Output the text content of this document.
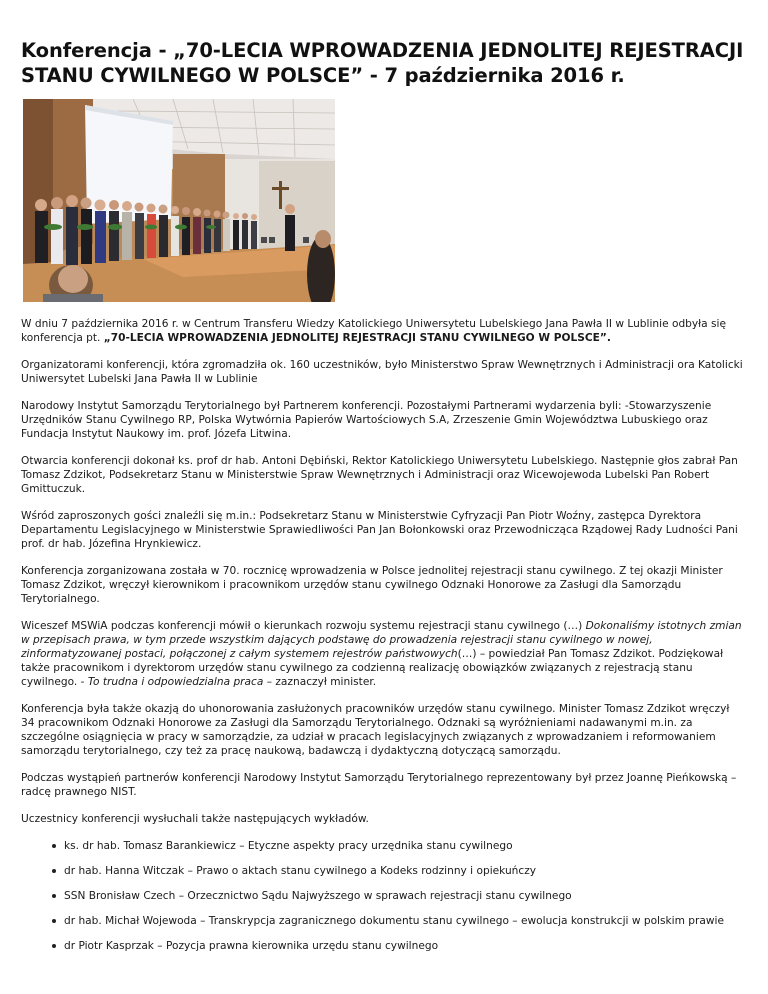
Konferencja - „70-LECIA WPROWADZENIA JEDNOLITEJ REJESTRACJI
STANU CYWILNEGO W POLSCE” - 7 października 2016 r.

W dniu 7 października 2016 r. w Centrum Transferu Wiedzy Katolickiego Uniwersytetu Lubelskiego Jana Pawła II w Lublinie odbyła się konferencja pt. „70-LECIA WPROWADZENIA JEDNOLITEJ REJESTRACJI STANU CYWILNEGO W POLSCE”.

Organizatorami konferencji, która zgromadziła ok. 160 uczestników, było Ministerstwo Spraw Wewnętrznych i Administracji ora Katolicki Uniwersytet Lubelski Jana Pawła II w Lublinie

Narodowy Instytut Samorządu Terytorialnego był Partnerem konferencji. Pozostałymi Partnerami wydarzenia byli: -Stowarzyszenie Urzędników Stanu Cywilnego RP, Polska Wytwórnia Papierów Wartościowych S.A, Zrzeszenie Gmin Województwa Lubuskiego oraz Fundacja Instytut Naukowy im. prof. Józefa Litwina.

Otwarcia konferencji dokonał ks. prof dr hab. Antoni Dębiński, Rektor Katolickiego Uniwersytetu Lubelskiego. Następnie głos zabrał Pan Tomasz Zdzikot, Podsekretarz Stanu w Ministerstwie Spraw Wewnętrznych i Administracji oraz Wicewojewoda Lubelski Pan Robert Gmittuczuk.

Wśród zaproszonych gości znaleźli się m.in.: Podsekretarz Stanu w Ministerstwie Cyfryzacji Pan Piotr Woźny, zastępca Dyrektora Departamentu Legislacyjnego w Ministerstwie Sprawiedliwości Pan Jan Bołonkowski oraz Przewodnicząca Rządowej Rady Ludności Pani prof. dr hab. Józefina Hrynkiewicz.

Konferencja zorganizowana została w 70. rocznicę wprowadzenia w Polsce jednolitej rejestracji stanu cywilnego. Z tej okazji Minister Tomasz Zdzikot, wręczył kierownikom i pracownikom urzędów stanu cywilnego Odznaki Honorowe za Zasługi dla Samorządu Terytorialnego.

Wiceszef MSWiA podczas konferencji mówił o kierunkach rozwoju systemu rejestracji stanu cywilnego (…) Dokonaliśmy istotnych zmian w przepisach prawa, w tym przede wszystkim dających podstawę do prowadzenia rejestracji stanu cywilnego w nowej, zinformatyzowanej postaci, połączonej z całym systemem rejestrów państwowych(…) – powiedział Pan Tomasz Zdzikot. Podziękował także pracownikom i dyrektorom urzędów stanu cywilnego za codzienną realizację obowiązków związanych z rejestracją stanu cywilnego. - To trudna i odpowiedzialna praca – zaznaczył minister.

Konferencja była także okazją do uhonorowania zasłużonych pracowników urzędów stanu cywilnego. Minister Tomasz Zdzikot wręczył 34 pracownikom Odznaki Honorowe za Zasługi dla Samorządu Terytorialnego. Odznaki są wyróżnieniami nadawanymi m.in. za szczególne osiągnięcia w pracy w samorządzie, za udział w pracach legislacyjnych związanych z wprowadzaniem i reformowaniem samorządu terytorialnego, czy też za pracę naukową, badawczą i dydaktyczną dotyczącą samorządu.

Podczas wystąpień partnerów konferencji Narodowy Instytut Samorządu Terytorialnego reprezentowany był przez Joannę Pieńkowską – radcę prawnego NIST.

Uczestnicy konferencji wysłuchali także następujących wykładów.

ks. dr hab. Tomasz Barankiewicz – Etyczne aspekty pracy urzędnika stanu cywilnego
dr hab. Hanna Witczak – Prawo o aktach stanu cywilnego a Kodeks rodzinny i opiekuńczy
SSN Bronisław Czech – Orzecznictwo Sądu Najwyższego w sprawach rejestracji stanu cywilnego
dr hab. Michał Wojewoda – Transkrypcja zagranicznego dokumentu stanu cywilnego – ewolucja konstrukcji w polskim prawie
dr Piotr Kasprzak – Pozycja prawna kierownika urzędu stanu cywilnego
